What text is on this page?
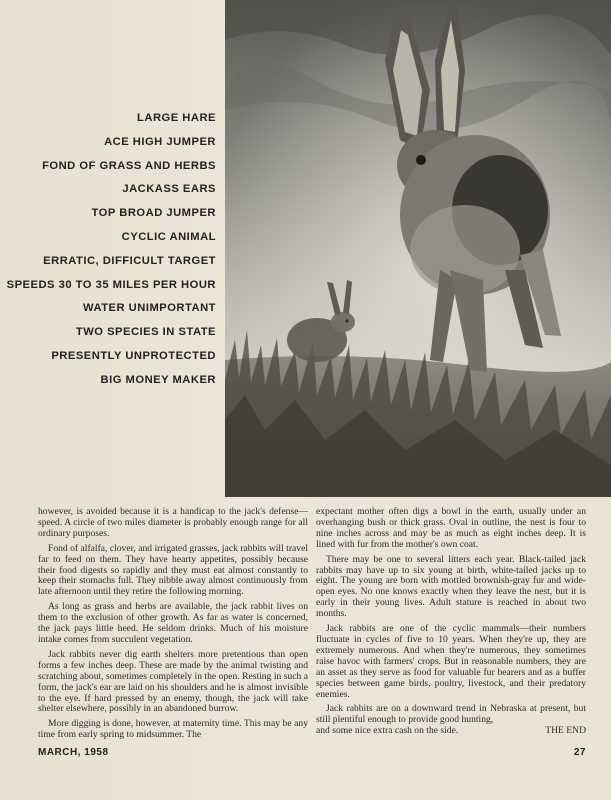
LARGE HARE
ACE HIGH JUMPER
FOND OF GRASS AND HERBS
JACKASS EARS
TOP BROAD JUMPER
CYCLIC ANIMAL
ERRATIC, DIFFICULT TARGET
SPEEDS 30 TO 35 MILES PER HOUR
WATER UNIMPORTANT
TWO SPECIES IN STATE
PRESENTLY UNPROTECTED
BIG MONEY MAKER

however, is avoided because it is a handicap to the jack's defense—speed. A circle of two miles diameter is probably enough range for all ordinary purposes.

Fond of alfalfa, clover, and irrigated grasses, jack rabbits will travel far to feed on them. They have hearty appetites, possibly because their food digests so rapidly and they must eat almost constantly to keep their stomachs full. They nibble away almost continuously from late afternoon until they retire the following morning.

As long as grass and herbs are available, the jack rabbit lives on them to the exclusion of other growth. As far as water is concerned, the jack pays little heed. He seldom drinks. Much of his moisture intake comes from succulent vegetation.

Jack rabbits never dig earth shelters more pretentious than open forms a few inches deep. These are made by the animal twisting and scratching about, sometimes completely in the open. Resting in such a form, the jack's ear are laid on his shoulders and he is almost invisible to the eye. If hard pressed by an enemy, though, the jack will take shelter elsewhere, possibly in an abandoned burrow.

More digging is done, however, at maternity time. This may be any time from early spring to midsummer. The

expectant mother often digs a bowl in the earth, usually under an overhanging bush or thick grass. Oval in outline, the nest is four to nine inches across and may be as much as eight inches deep. It is lined with fur from the mother's own coat.

There may be one to several litters each year. Black-tailed jack rabbits may have up to six young at birth, white-tailed jacks up to eight. The young are born with mottled brownish-gray fur and wide-open eyes. No one knows exactly when they leave the nest, but it is early in their young lives. Adult stature is reached in about two months.

Jack rabbits are one of the cyclic mammals—their numbers fluctuate in cycles of five to 10 years. When they're up, they are extremely numerous. And when they're numerous, they sometimes raise havoc with farmers' crops. But in reasonable numbers, they are an asset as they serve as food for valuable fur bearers and as a buffer species between game birds, poultry, livestock, and their predatory enemies.

Jack rabbits are on a downward trend in Nebraska at present, but still plentiful enough to provide good hunting,

and some nice extra cash on the side.	THE END
MARCH, 1958	27
